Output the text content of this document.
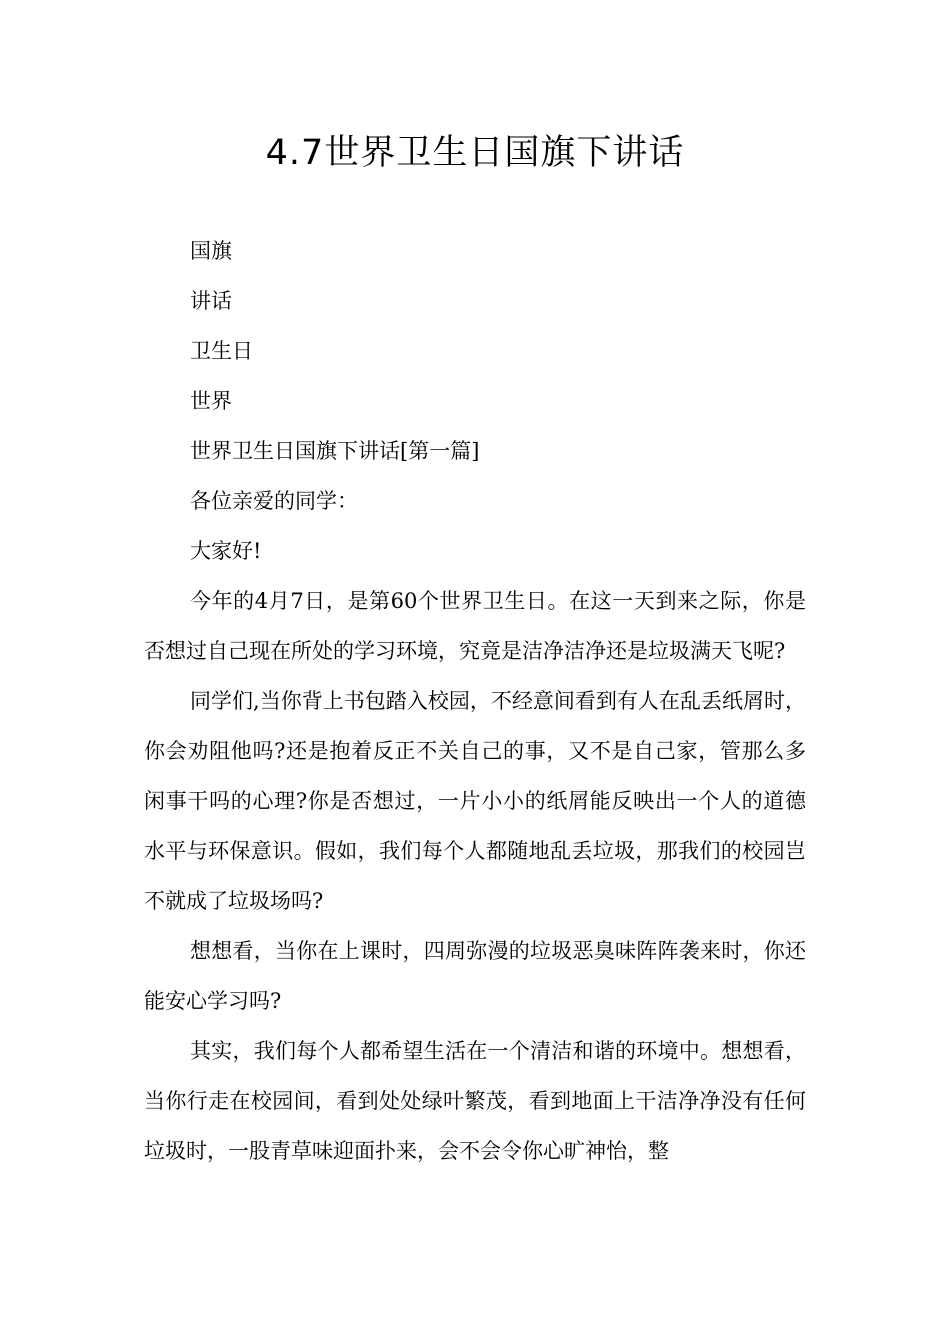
4.7世界卫生日国旗下讲话
国旗
讲话
卫生日
世界
世界卫生日国旗下讲话[第一篇]
各位亲爱的同学：
大家好!

今年的4月7日，是第60个世界卫生日。在这一天到来之际，你是否想过自己现在所处的学习环境，究竟是洁净洁净还是垃圾满天飞呢?

同学们,当你背上书包踏入校园，不经意间看到有人在乱丢纸屑时，你会劝阻他吗?还是抱着反正不关自己的事，又不是自己家，管那么多闲事干吗的心理?你是否想过，一片小小的纸屑能反映出一个人的道德水平与环保意识。假如，我们每个人都随地乱丢垃圾，那我们的校园岂不就成了垃圾场吗?

想想看，当你在上课时，四周弥漫的垃圾恶臭味阵阵袭来时，你还能安心学习吗?

其实，我们每个人都希望生活在一个清洁和谐的环境中。想想看，当你行走在校园间，看到处处绿叶繁茂，看到地面上干洁净净没有任何垃圾时，一股青草味迎面扑来，会不会令你心旷神怡，整
